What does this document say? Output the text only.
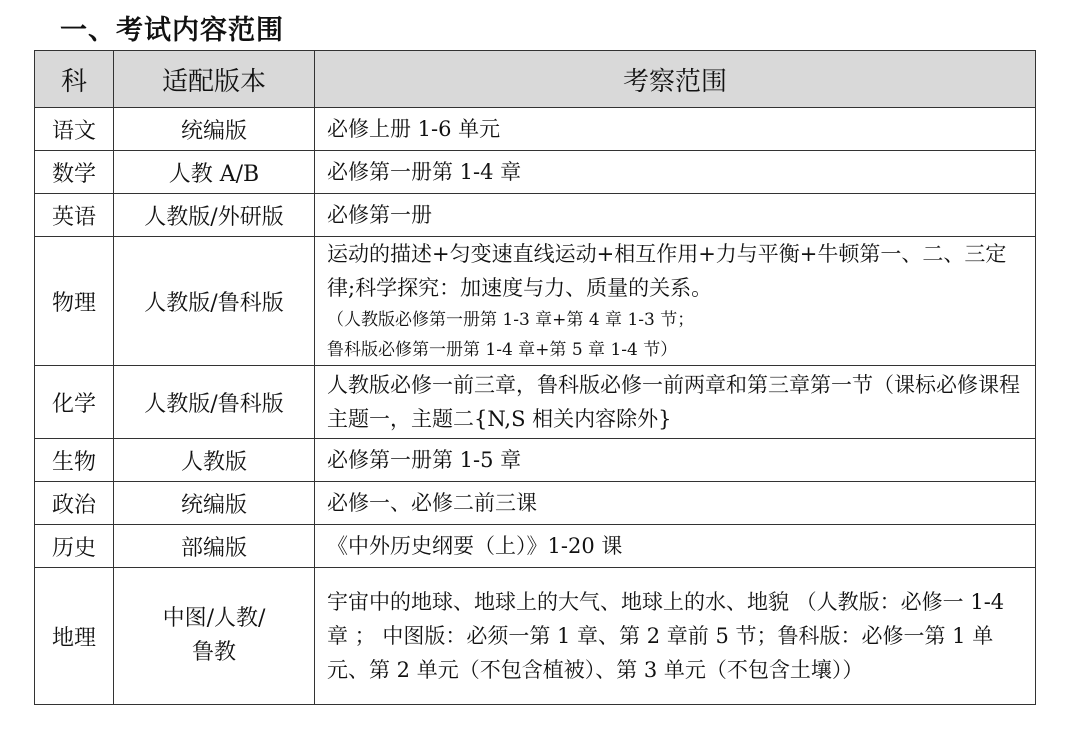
一、考试内容范围
科	适配版本	考察范围
语文	统编版	必修上册 1-6 单元
数学	人教 A/B	必修第一册第 1-4 章
英语	人教版/外研版	必修第一册
物理	人教版/鲁科版	运动的描述+匀变速直线运动+相互作用+力与平衡+牛顿第一、二、三定律;科学探究：加速度与力、质量的关系。
（人教版必修第一册第 1-3 章+第 4 章 1-3 节；
鲁科版必修第一册第 1-4 章+第 5 章 1-4 节）

化学	人教版/鲁科版	人教版必修一前三章，鲁科版必修一前两章和第三章第一节（课标必修课程主题一，主题二{N,S 相关内容除外}
生物	人教版	必修第一册第 1-5 章
政治	统编版	必修一、必修二前三课
历史	部编版	《中外历史纲要（上）》1-20 课
地理	中图/人教/鲁教	宇宙中的地球、地球上的大气、地球上的水、地貌 （人教版：必修一 1-4 章 ； 中图版：必须一第 1 章、第 2 章前 5 节；鲁科版：必修一第 1 单元、第 2 单元（不包含植被）、第 3 单元（不包含土壤））
